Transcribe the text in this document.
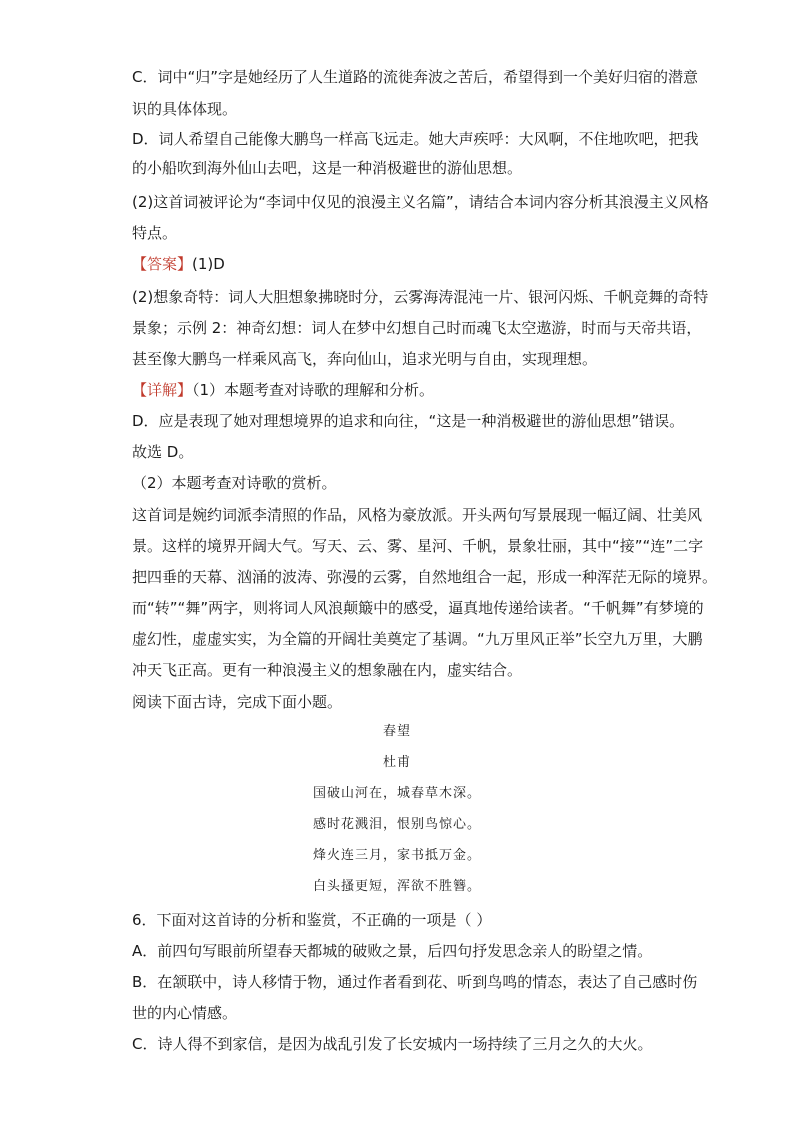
C．词中“归”字是她经历了人生道路的流徙奔波之苦后，希望得到一个美好归宿的潜意
识的具体体现。
D．词人希望自己能像大鹏鸟一样高飞远走。她大声疾呼：大风啊，不住地吹吧，把我
的小船吹到海外仙山去吧，这是一种消极避世的游仙思想。
(2)这首词被评论为“李词中仅见的浪漫主义名篇”，请结合本词内容分析其浪漫主义风格
特点。
【答案】(1)D
(2)想象奇特：词人大胆想象拂晓时分，云雾海涛混沌一片、银河闪烁、千帆竞舞的奇特
景象；示例 2：神奇幻想：词人在梦中幻想自己时而魂飞太空遨游，时而与天帝共语，
甚至像大鹏鸟一样乘风高飞，奔向仙山，追求光明与自由，实现理想。
【详解】（1）本题考查对诗歌的理解和分析。
D．应是表现了她对理想境界的追求和向往，“这是一种消极避世的游仙思想”错误。
故选 D。
（2）本题考查对诗歌的赏析。
这首词是婉约词派李清照的作品，风格为豪放派。开头两句写景展现一幅辽阔、壮美风
景。这样的境界开阔大气。写天、云、雾、星河、千帆，景象壮丽，其中“接”“连”二字
把四垂的天幕、汹涌的波涛、弥漫的云雾，自然地组合一起，形成一种浑茫无际的境界。
而“转”“舞”两字，则将词人风浪颠簸中的感受，逼真地传递给读者。“千帆舞”有梦境的
虚幻性，虚虚实实，为全篇的开阔壮美奠定了基调。“九万里风正举”长空九万里，大鹏
冲天飞正高。更有一种浪漫主义的想象融在内，虚实结合。
阅读下面古诗，完成下面小题。
春望
杜甫
国破山河在，城春草木深。
感时花溅泪，恨别鸟惊心。
烽火连三月，家书抵万金。
白头搔更短，浑欲不胜簪。
6．下面对这首诗的分析和鉴赏，不正确的一项是（ ）
A．前四句写眼前所望春天都城的破败之景，后四句抒发思念亲人的盼望之情。
B．在颔联中，诗人移情于物，通过作者看到花、听到鸟鸣的情态，表达了自己感时伤
世的内心情感。
C．诗人得不到家信，是因为战乱引发了长安城内一场持续了三月之久的大火。
